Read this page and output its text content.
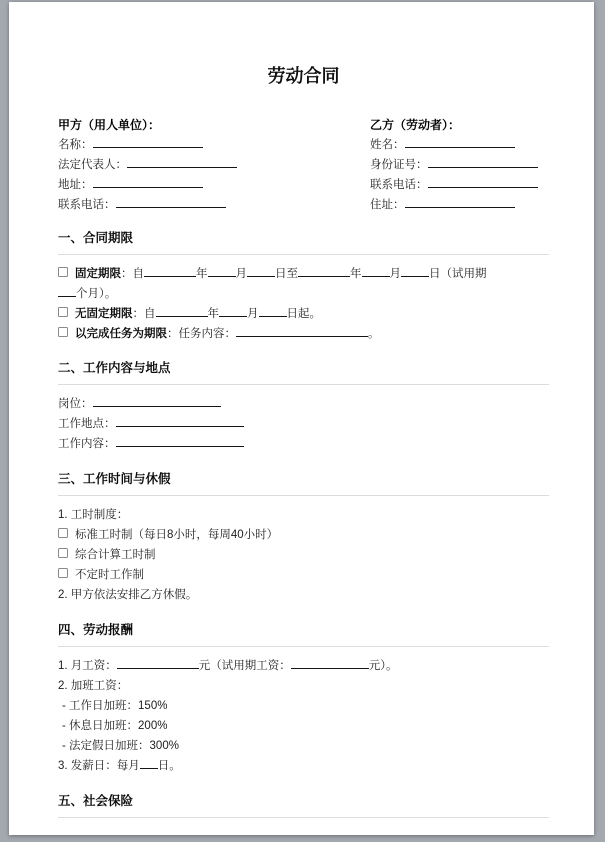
劳动合同
甲方（用人单位）：
名称：
法定代表人：
地址：
联系电话：
乙方（劳动者）：
姓名：
身份证号：
联系电话：
住址：
一、合同期限
固定期限：自	年 月 日至	年 月 日（试用期
个月）。
无固定期限：自	年 月 日起。
以完成任务为期限：任务内容：	。
二、工作内容与地点
岗位：
工作地点：
工作内容：
三、工作时间与休假
1. 工时制度：
标准工时制（每日8小时，每周40小时）
综合计算工时制
不定时工作制
2. 甲方依法安排乙方休假。
四、劳动报酬
1. 月工资：	元（试用期工资：	元）。
2. 加班工资：
- 工作日加班：150%
- 休息日加班：200%
- 法定假日加班：300%
3. 发薪日：每月 日。
五、社会保险
